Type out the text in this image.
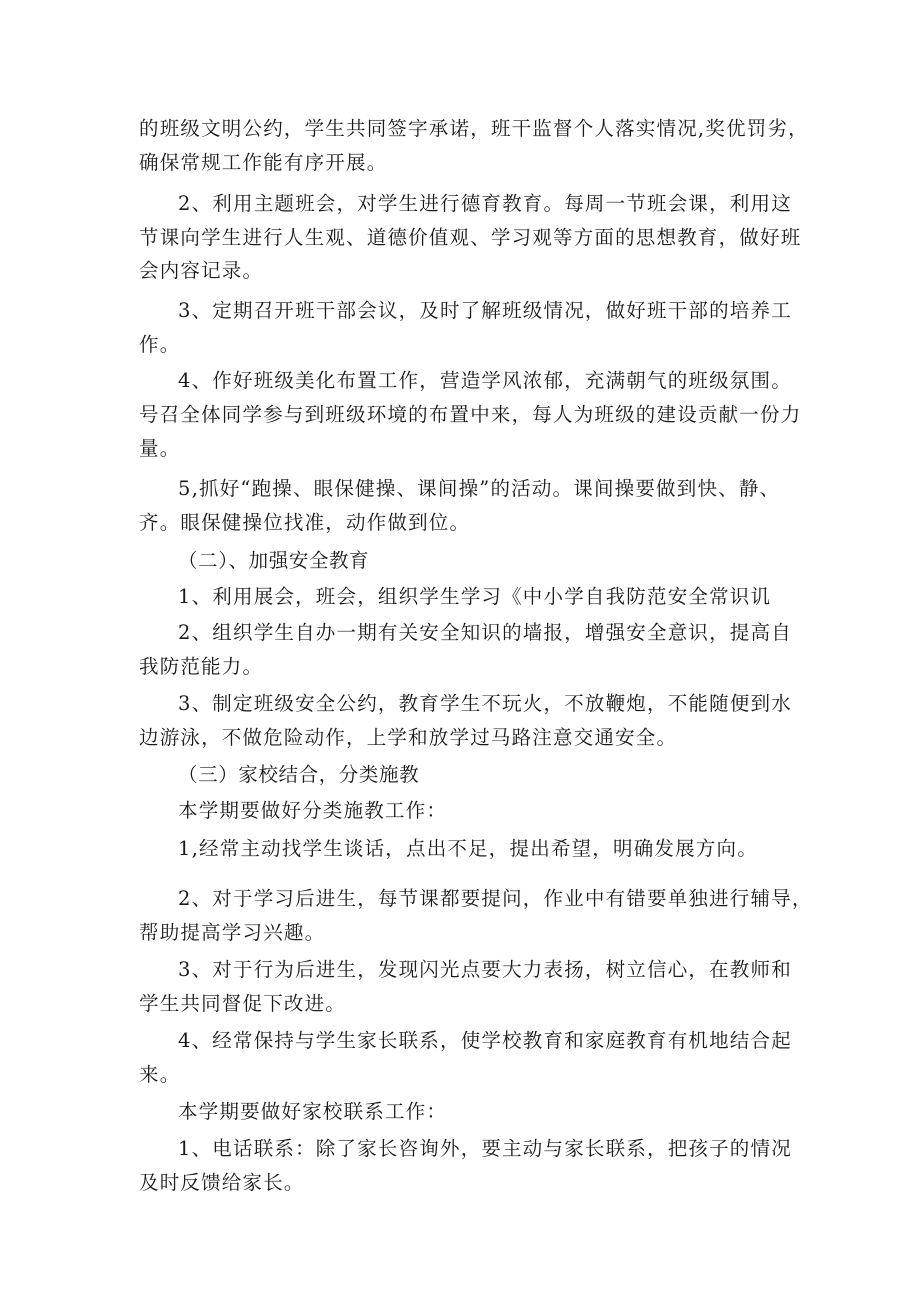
的班级文明公约，学生共同签字承诺，班干监督个人落实情况,奖优罚劣，
确保常规工作能有序开展。
2、利用主题班会，对学生进行德育教育。每周一节班会课，利用这
节课向学生进行人生观、道德价值观、学习观等方面的思想教育，做好班
会内容记录。
3、定期召开班干部会议，及时了解班级情况，做好班干部的培养工
作。
4、作好班级美化布置工作，营造学风浓郁，充满朝气的班级氛围。
号召全体同学参与到班级环境的布置中来，每人为班级的建设贡献一份力
量。
5,抓好“跑操、眼保健操、课间操”的活动。课间操要做到快、静、
齐。眼保健操位找准，动作做到位。
（二）、加强安全教育
1、利用展会，班会，组织学生学习《中小学自我防范安全常识讥
2、组织学生自办一期有关安全知识的墙报，增强安全意识，提高自
我防范能力。
3、制定班级安全公约，教育学生不玩火，不放鞭炮，不能随便到水
边游泳，不做危险动作，上学和放学过马路注意交通安全。
（三）家校结合，分类施教
本学期要做好分类施教工作：
1,经常主动找学生谈话，点出不足，提出希望，明确发展方向。
2、对于学习后进生，每节课都要提问，作业中有错要单独进行辅导，
帮助提高学习兴趣。
3、对于行为后进生，发现闪光点要大力表扬，树立信心，在教师和
学生共同督促下改进。
4、经常保持与学生家长联系，使学校教育和家庭教育有机地结合起
来。
本学期要做好家校联系工作：
1、电话联系：除了家长咨询外，要主动与家长联系，把孩子的情况
及时反馈给家长。
